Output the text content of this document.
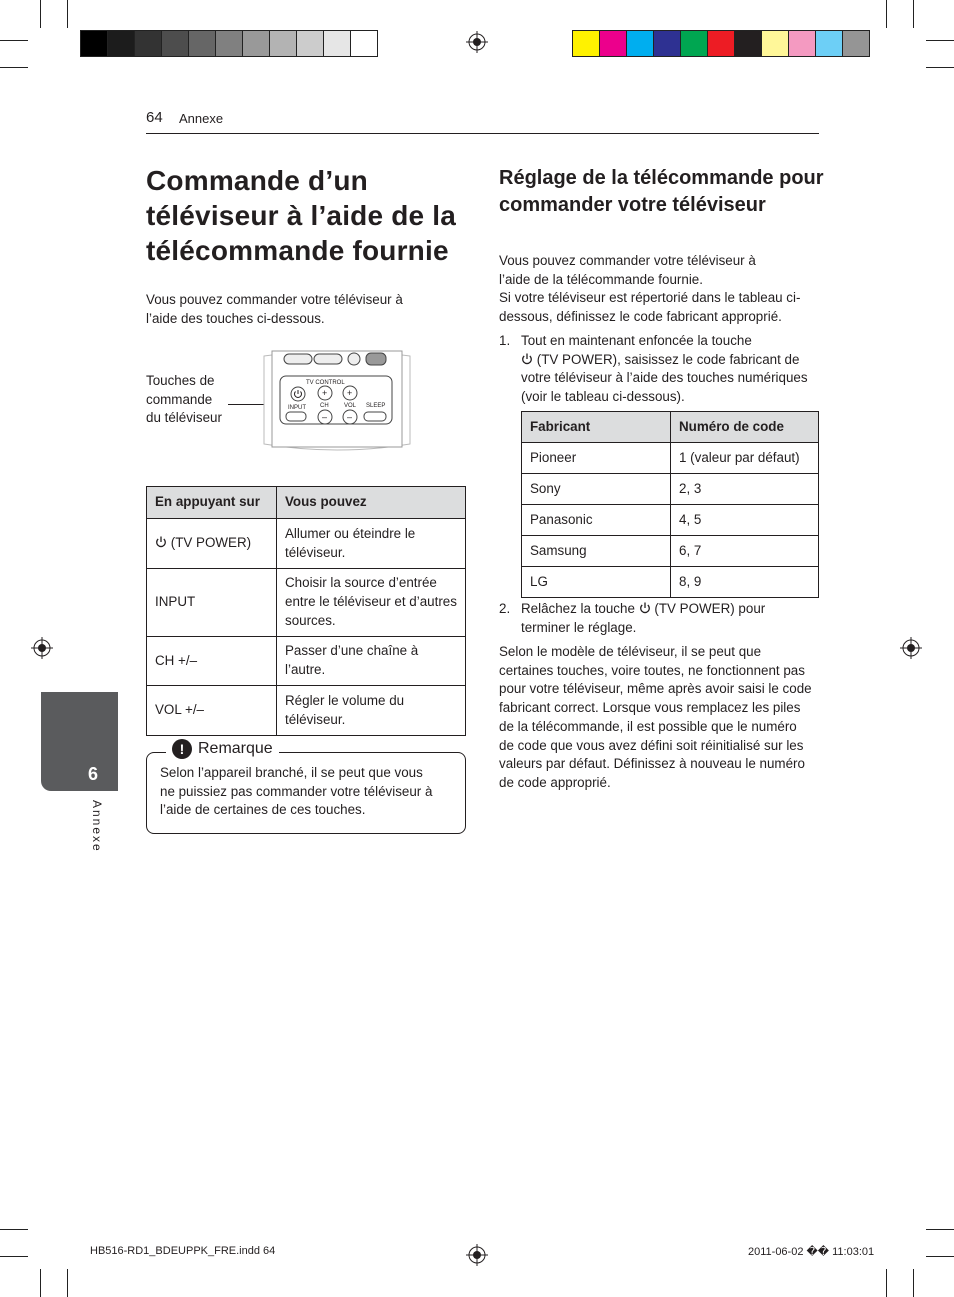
64 Annexe
Commande d’un téléviseur à l’aide de la télécommande fournie
Vous pouvez commander votre téléviseur à
l’aide des touches ci-dessous.
Touches de
commande
du téléviseur
TV CONTROL
+ +
INPUT CH	VOL SLEEP
– –
En appuyant sur	Vous pouvez
(TV POWER)	Allumer ou éteindre le téléviseur.
INPUT	Choisir la source d’entrée entre le téléviseur et d’autres sources.
CH +/–	Passer d’une chaîne à l’autre.
VOL +/–	Régler le volume du téléviseur.
! Remarque
Selon l’appareil branché, il se peut que vous
ne puissiez pas commander votre téléviseur à
l’aide de certaines de ces touches.
6
Annexe
Réglage de la télécommande pour commander votre téléviseur
Vous pouvez commander votre téléviseur à
l’aide de la télécommande fournie.
Si votre téléviseur est répertorié dans le tableau ci-
dessous, définissez le code fabricant approprié.
1. Tout en maintenant enfoncée la touche
(TV POWER), saisissez le code fabricant de
votre téléviseur à l’aide des touches numériques
(voir le tableau ci-dessous).
Fabricant	Numéro de code
Pioneer	1 (valeur par défaut)
Sony	2, 3
Panasonic	4, 5
Samsung	6, 7
LG	8, 9
2. Relâchez la touche (TV POWER) pour
terminer le réglage.
Selon le modèle de téléviseur, il se peut que
certaines touches, voire toutes, ne fonctionnent pas
pour votre téléviseur, même après avoir saisi le code
fabricant correct. Lorsque vous remplacez les piles
de la télécommande, il est possible que le numéro
de code que vous avez défini soit réinitialisé sur les
valeurs par défaut. Définissez à nouveau le numéro
de code approprié.
HB516-RD1_BDEUPPK_FRE.indd 64	2011-06-02 �� 11:03:01
